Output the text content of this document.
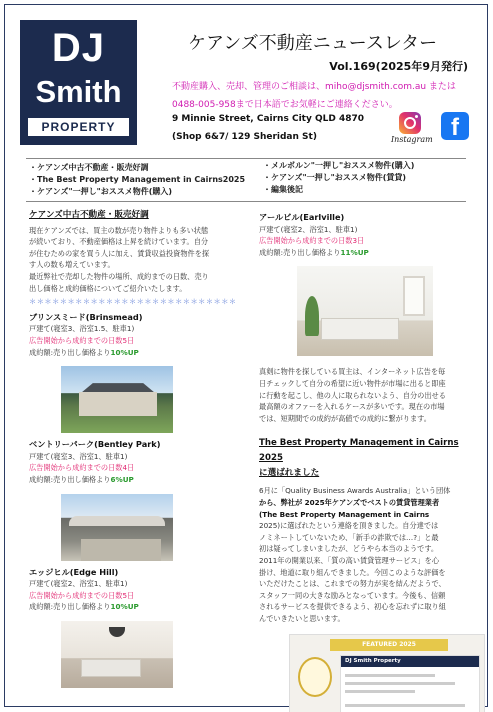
DJ
Smith
PROPERTY
ケアンズ不動産ニュースレター
Vol.169(2025年9月発行)
不動産購入、売却、管理のご相談は、miho@djsmith.com.au または
0488-005-958まで日本語でお気軽にご連絡ください。
9 Minnie Street, Cairns City QLD 4870
(Shop 6&7/ 129 Sheridan St)	Instagram f
・ケアンズ中古不動産・販売好調
・The Best Property Management in Cairns2025
・ケアンズ"一押し"おススメ物件(購入)
・メルボルン"一押し"おススメ物件(購入)
・ケアンズ"一押し"おススメ物件(賃貸)
・編集後記
ケアンズ中古不動産・販売好調
現在ケアンズでは、買主の数が売り物件よりも多い状態
が続いており、不動産価格は上昇を続けています。自分
が住むための家を買う人に加え、賃貸収益投資物件を探
す人の数も増えています。
最近弊社で売却した物件の場所、成約までの日数、売り
出し価格と成約価格についてご紹介いたします。
＊＊＊＊＊＊＊＊＊＊＊＊＊＊＊＊＊＊＊＊＊＊＊＊＊＊＊
ブリンスミード(Brinsmead)
戸建て(寝室3、浴室1.5、駐車1)
広告開始から成約までの日数5日
成約額:売り出し価格より10%UP
ベントリーパーク(Bentley Park)
戸建て(寝室3、浴室1、駐車1)
広告開始から成約までの日数4日
成約額:売り出し価格より6%UP
エッジヒル(Edge Hill)
戸建て(寝室2、浴室1、駐車1)
広告開始から成約までの日数5日
成約額:売り出し価格より10%UP
アールビル(Earlville)
戸建て(寝室2、浴室1、駐車1)
広告開始から成約までの日数3日
成約額:売り出し価格より11%UP
真剣に物件を探している買主は、インターネット広告を毎
日チェックして自分の希望に近い物件が市場に出ると即座
に行動を起こし、他の人に取られないよう、自分の出せる
最高額のオファーを入れるケースが多いです。現在の市場
では、短期間での成約が高値での成約に繋がります。
The Best Property Management in Cairns 2025
に選ばれました
6月に「Quality Business Awards Australia」という団体
から、弊社が 2025年ケアンズでベストの賃貸管理業者
(The Best Property Management in Cairns
2025)に選ばれたという連絡を頂きました。自分達では
ノミネートしていないため、「新手の詐欺では…?」と最
初は疑ってしまいましたが、どうやら本当のようです。
2011年の開業以来、「質の高い賃貸管理サービス」を心
掛け、地道に取り組んできました。今回このような評価を
いただけたことは、これまでの努力が実を結んだようで、
スタッフ一同の大きな励みとなっています。今後も、信頼
されるサービスを提供できるよう、初心を忘れずに取り組
んでいきたいと思います。
FEATURED 2025
DJ Smith Property
